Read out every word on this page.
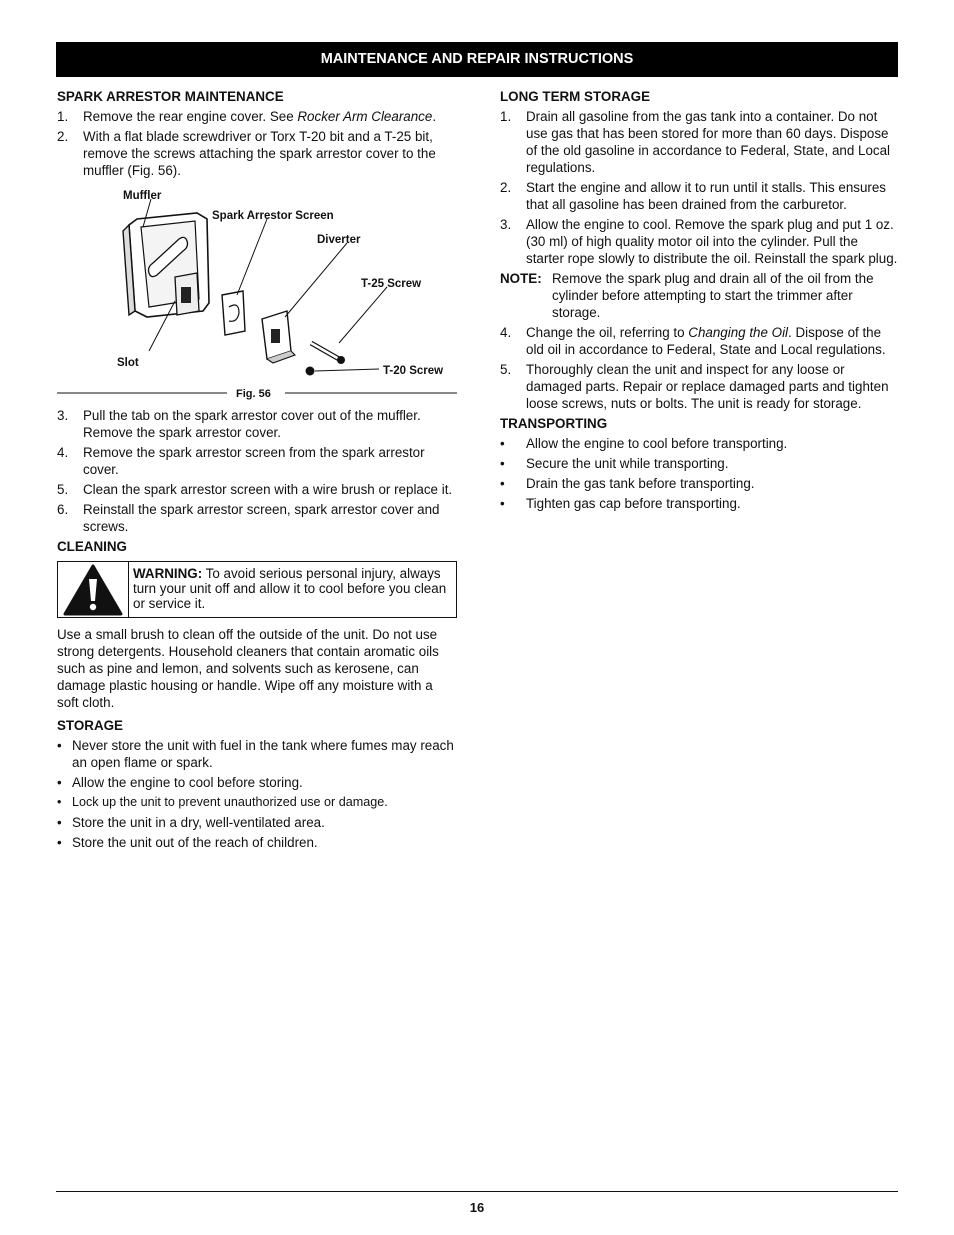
MAINTENANCE AND REPAIR INSTRUCTIONS
SPARK ARRESTOR MAINTENANCE
1.	Remove the rear engine cover. See Rocker Arm Clearance.
2.	With a flat blade screwdriver or Torx T-20 bit and a T-25 bit, remove the screws attaching the spark arrestor cover to the muffler (Fig. 56).
Muffler
Spark Arrestor Screen
Diverter
T-25 Screw
Slot
T-20 Screw
Fig. 56
3.	Pull the tab on the spark arrestor cover out of the muffler. Remove the spark arrestor cover.
4.	Remove the spark arrestor screen from the spark arrestor cover.
5.	Clean the spark arrestor screen with a wire brush or replace it.
6.	Reinstall the spark arrestor screen, spark arrestor cover and screws.
CLEANING
WARNING: To avoid serious personal injury, always turn your unit off and allow it to cool before you clean or service it.

Use a small brush to clean off the outside of the unit. Do not use strong detergents. Household cleaners that contain aromatic oils such as pine and lemon, and solvents such as kerosene, can damage plastic housing or handle. Wipe off any moisture with a soft cloth.

STORAGE
• Never store the unit with fuel in the tank where fumes may reach an open flame or spark.
• Allow the engine to cool before storing.
• Lock up the unit to prevent unauthorized use or damage.
• Store the unit in a dry, well-ventilated area.
• Store the unit out of the reach of children.
LONG TERM STORAGE
1.	Drain all gasoline from the gas tank into a container. Do not use gas that has been stored for more than 60 days. Dispose of the old gasoline in accordance to Federal, State, and Local regulations.
2.	Start the engine and allow it to run until it stalls. This ensures that all gasoline has been drained from the carburetor.
3.	Allow the engine to cool. Remove the spark plug and put 1 oz. (30 ml) of high quality motor oil into the cylinder. Pull the starter rope slowly to distribute the oil. Reinstall the spark plug.
NOTE: Remove the spark plug and drain all of the oil from the cylinder before attempting to start the trimmer after storage.
4.	Change the oil, referring to Changing the Oil. Dispose of the old oil in accordance to Federal, State and Local regulations.
5.	Thoroughly clean the unit and inspect for any loose or damaged parts. Repair or replace damaged parts and tighten loose screws, nuts or bolts. The unit is ready for storage.
TRANSPORTING
•	Allow the engine to cool before transporting.
•	Secure the unit while transporting.
•	Drain the gas tank before transporting.
•	Tighten gas cap before transporting.
16
